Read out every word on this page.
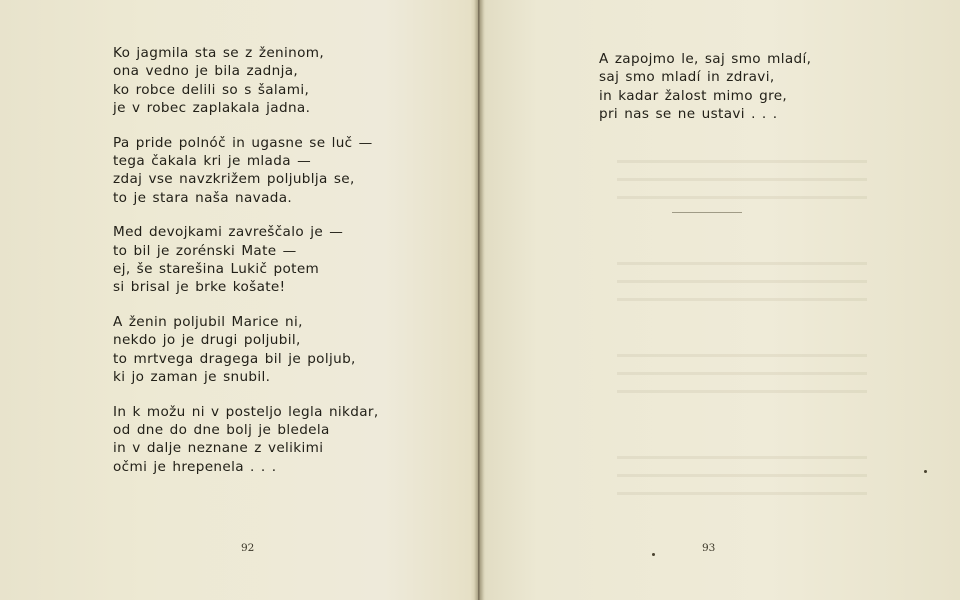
Ko jagmila sta se z ženinom,
ona vedno je bila zadnja,
ko robce delili so s šalami,
je v robec zaplakala jadna.
Pa pride polnóč in ugasne se luč —
tega čakala kri je mlada —
zdaj vse navzkrižem poljublja se,
to je stara naša navada.
Med devojkami zavreščalo je —
to bil je zorénski Mate —
ej, še starešina Lukič potem
si brisal je brke košate!
A ženin poljubil Marice ni,
nekdo jo je drugi poljubil,
to mrtvega dragega bil je poljub,
ki jo zaman je snubil.
In k možu ni v posteljo legla nikdar,
od dne do dne bolj je bledela
in v dalje neznane z velikimi
očmi je hrepenela . . .
92
A zapojmo le, saj smo mladí,
saj smo mladí in zdravi,
in kadar žalost mimo gre,
pri nas se ne ustavi . . .
93
